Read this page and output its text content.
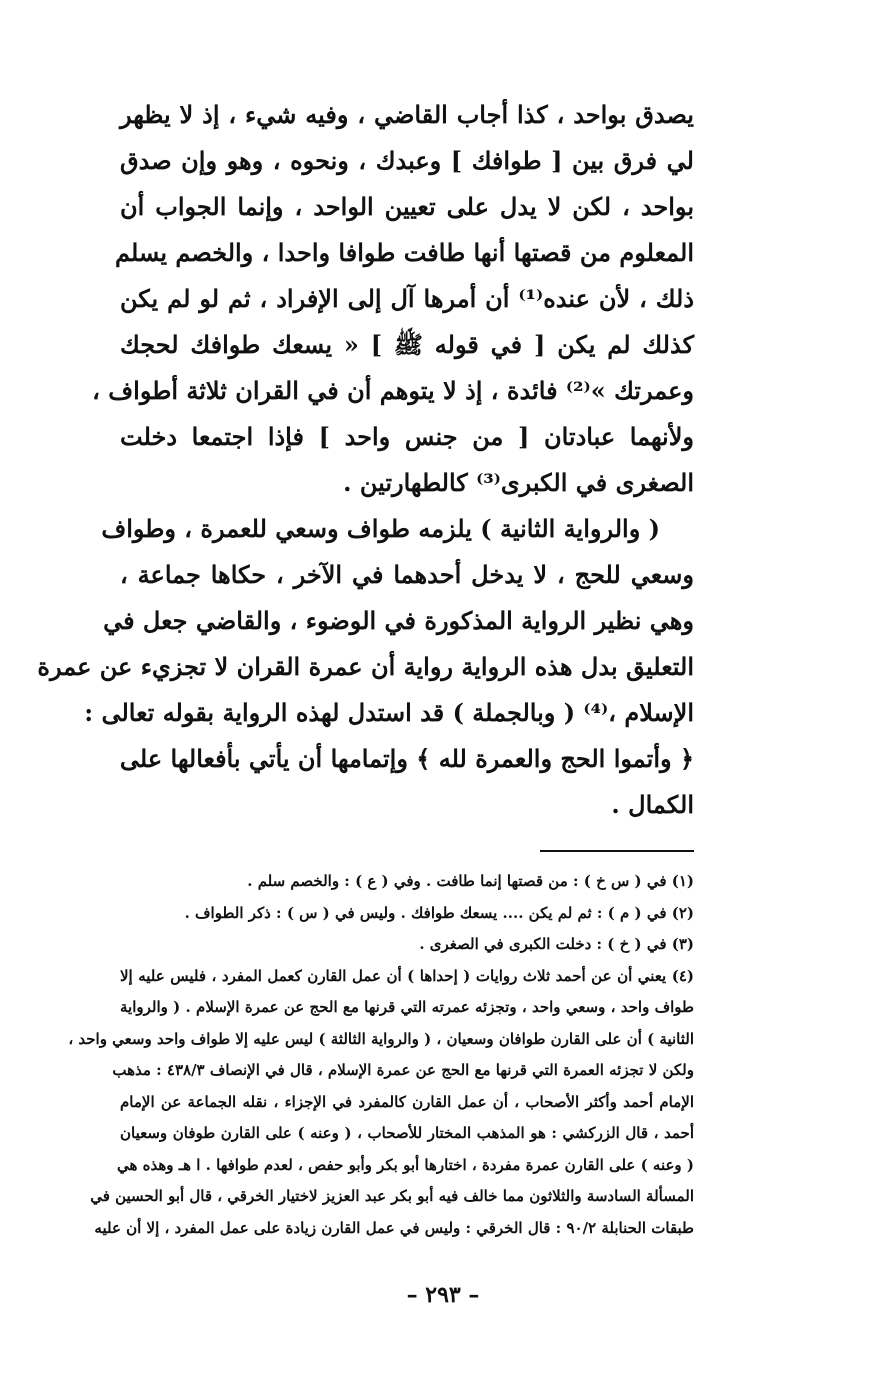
يصدق بواحد ، كذا أجاب القاضي ، وفيه شيء ، إذ لا يظهر
لي فرق بين [ طوافك ] وعبدك ، ونحوه ، وهو وإن صدق
بواحد ، لكن لا يدل على تعيين الواحد ، وإنما الجواب أن
المعلوم من قصتها أنها طافت طوافا واحدا ، والخصم يسلم
ذلك ، لأن عنده⁽¹⁾ أن أمرها آل إلى الإفراد ، ثم لو لم يكن
كذلك لم يكن [ في قوله ﷺ ] « يسعك طوافك لحجك
وعمرتك »⁽²⁾ فائدة ، إذ لا يتوهم أن في القران ثلاثة أطواف ،
ولأنهما عبادتان [ من جنس واحد ] فإذا اجتمعا دخلت
الصغرى في الكبرى⁽³⁾ كالطهارتين .
( والرواية الثانية ) يلزمه طواف وسعي للعمرة ، وطواف
وسعي للحج ، لا يدخل أحدهما في الآخر ، حكاها جماعة ،
وهي نظير الرواية المذكورة في الوضوء ، والقاضي جعل في
التعليق بدل هذه الرواية رواية أن عمرة القران لا تجزيء عن عمرة
الإسلام ،⁽⁴⁾ ( وبالجملة ) قد استدل لهذه الرواية بقوله تعالى :
﴿ وأتموا الحج والعمرة لله ﴾ وإتمامها أن يأتي بأفعالها على
الكمال .
(١) في ( س خ ) : من قصتها إنما طافت . وفي ( ع ) : والخصم سلم .
(٢) في ( م ) : ثم لم يكن .... يسعك طوافك . وليس في ( س ) : ذكر الطواف .
(٣) في ( خ ) : دخلت الكبرى في الصغرى .
(٤) يعني أن عن أحمد ثلاث روايات ( إحداها ) أن عمل القارن كعمل المفرد ، فليس عليه إلا
طواف واحد ، وسعي واحد ، وتجزئه عمرته التي قرنها مع الحج عن عمرة الإسلام . ( والرواية
الثانية ) أن على القارن طوافان وسعيان ، ( والرواية الثالثة ) ليس عليه إلا طواف واحد وسعي واحد ،
ولكن لا تجزئه العمرة التي قرنها مع الحج عن عمرة الإسلام ، قال في الإنصاف ٤٣٨/٣ : مذهب
الإمام أحمد وأكثر الأصحاب ، أن عمل القارن كالمفرد في الإجزاء ، نقله الجماعة عن الإمام
أحمد ، قال الزركشي : هو المذهب المختار للأصحاب ، ( وعنه ) على القارن طوفان وسعيان
( وعنه ) على القارن عمرة مفردة ، اختارها أبو بكر وأبو حفص ، لعدم طوافها . ا هـ وهذه هي
المسألة السادسة والثلاثون مما خالف فيه أبو بكر عبد العزيز لاختيار الخرقي ، قال أبو الحسين في
طبقات الحنابلة ٩٠/٢ : قال الخرقي : وليس في عمل القارن زيادة على عمل المفرد ، إلا أن عليه
– ٢٩٣ –
